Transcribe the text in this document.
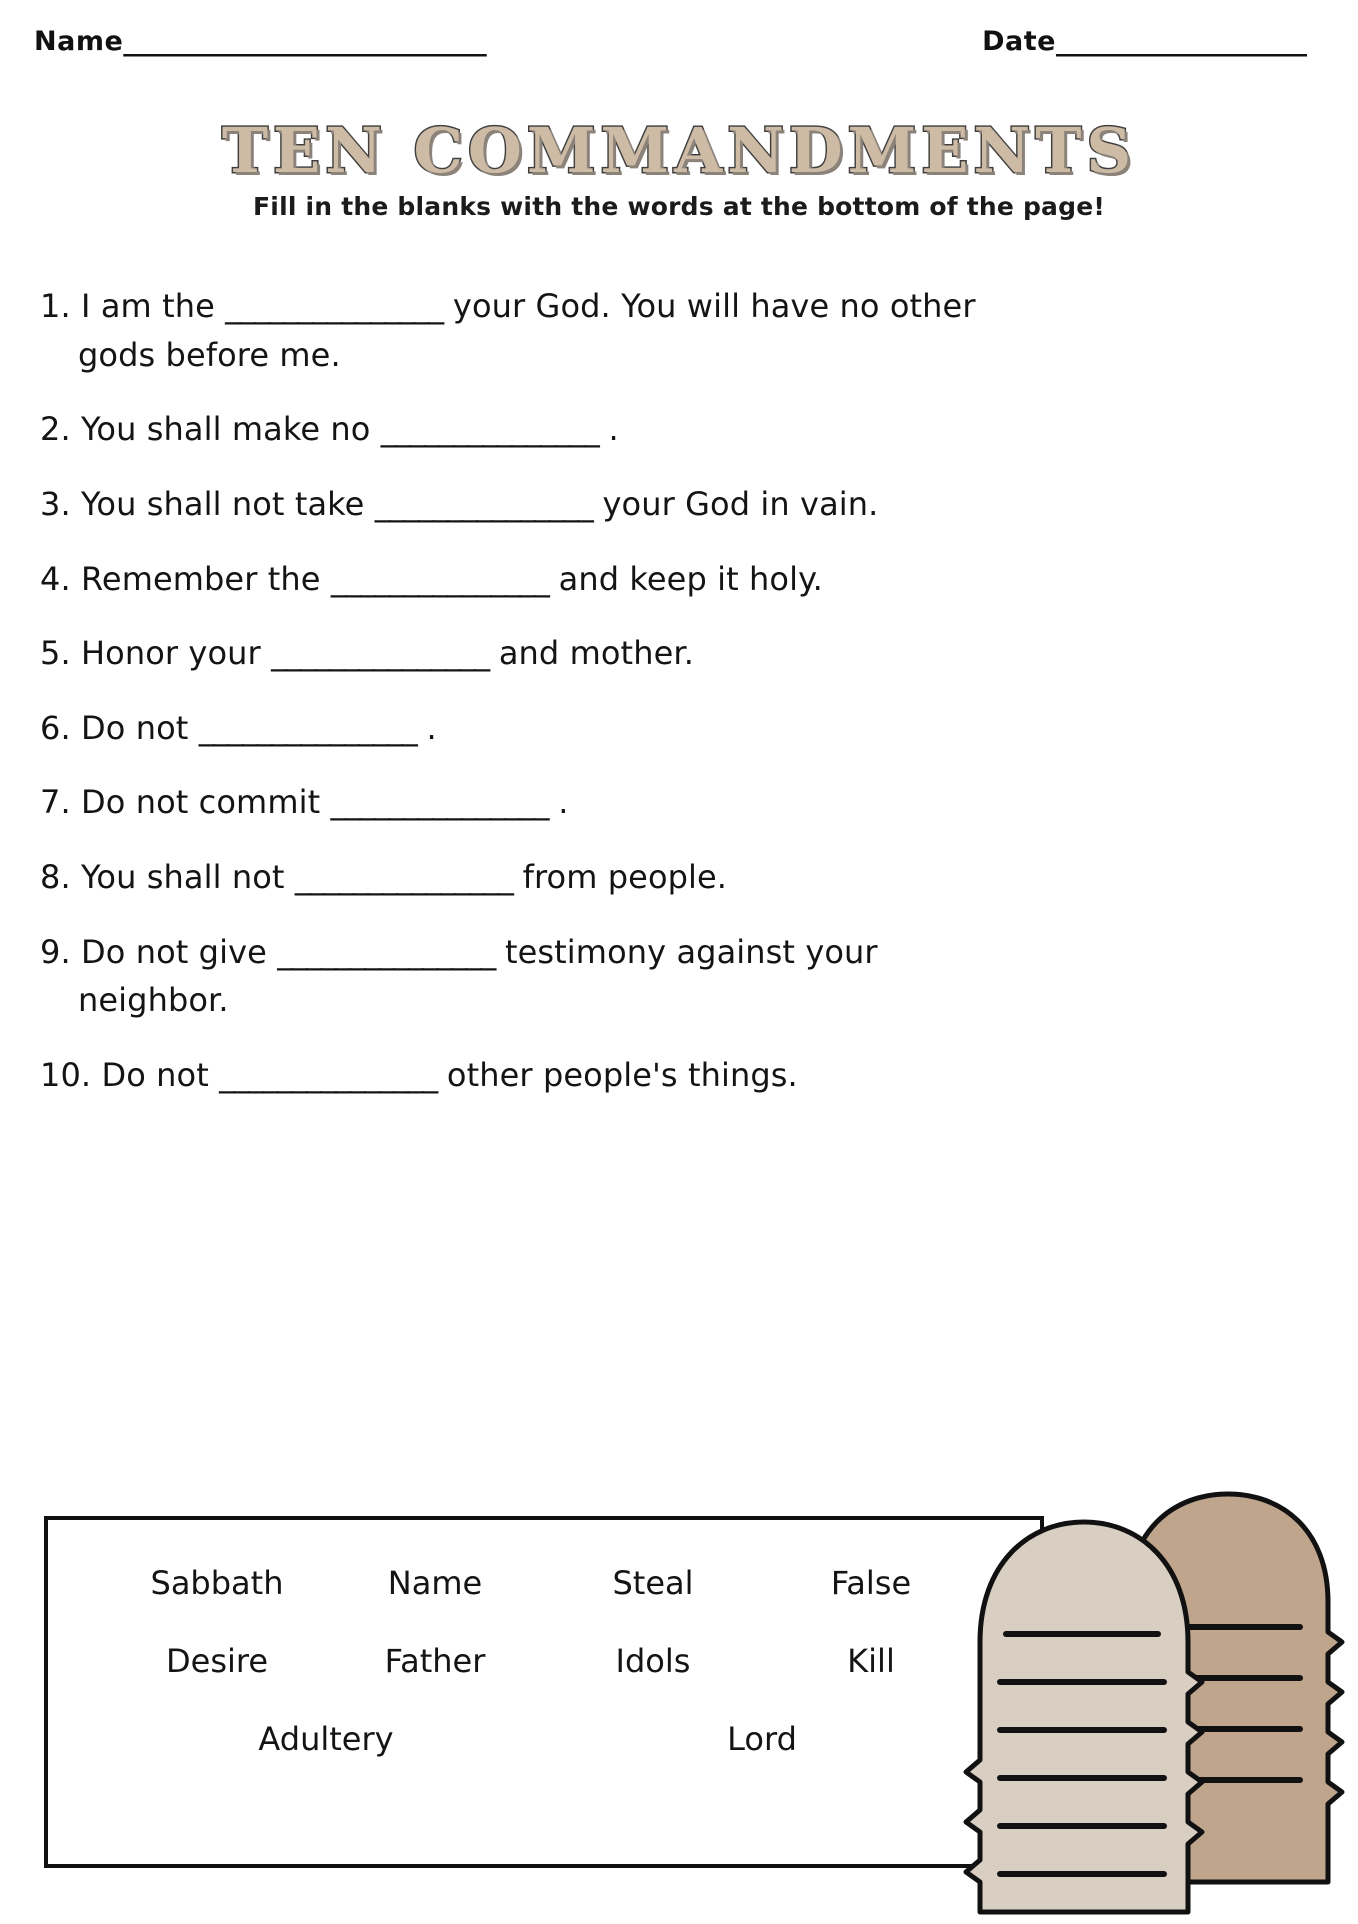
Name_____________________________	Date____________________
TEN COMMANDMENTS
Fill in the blanks with the words at the bottom of the page!
1. I am the _______________ your God. You will have no other
gods before me.
2. You shall make no _______________ .
3. You shall not take _______________ your God in vain.
4. Remember the _______________ and keep it holy.
5. Honor your _______________ and mother.
6. Do not _______________ .
7. Do not commit _______________ .
8. You shall not _______________ from people.
9. Do not give _______________ testimony against your
neighbor.
10. Do not _______________ other people's things.
Sabbath	Name	Steal	False
Desire	Father	Idols	Kill
Adultery	Lord
